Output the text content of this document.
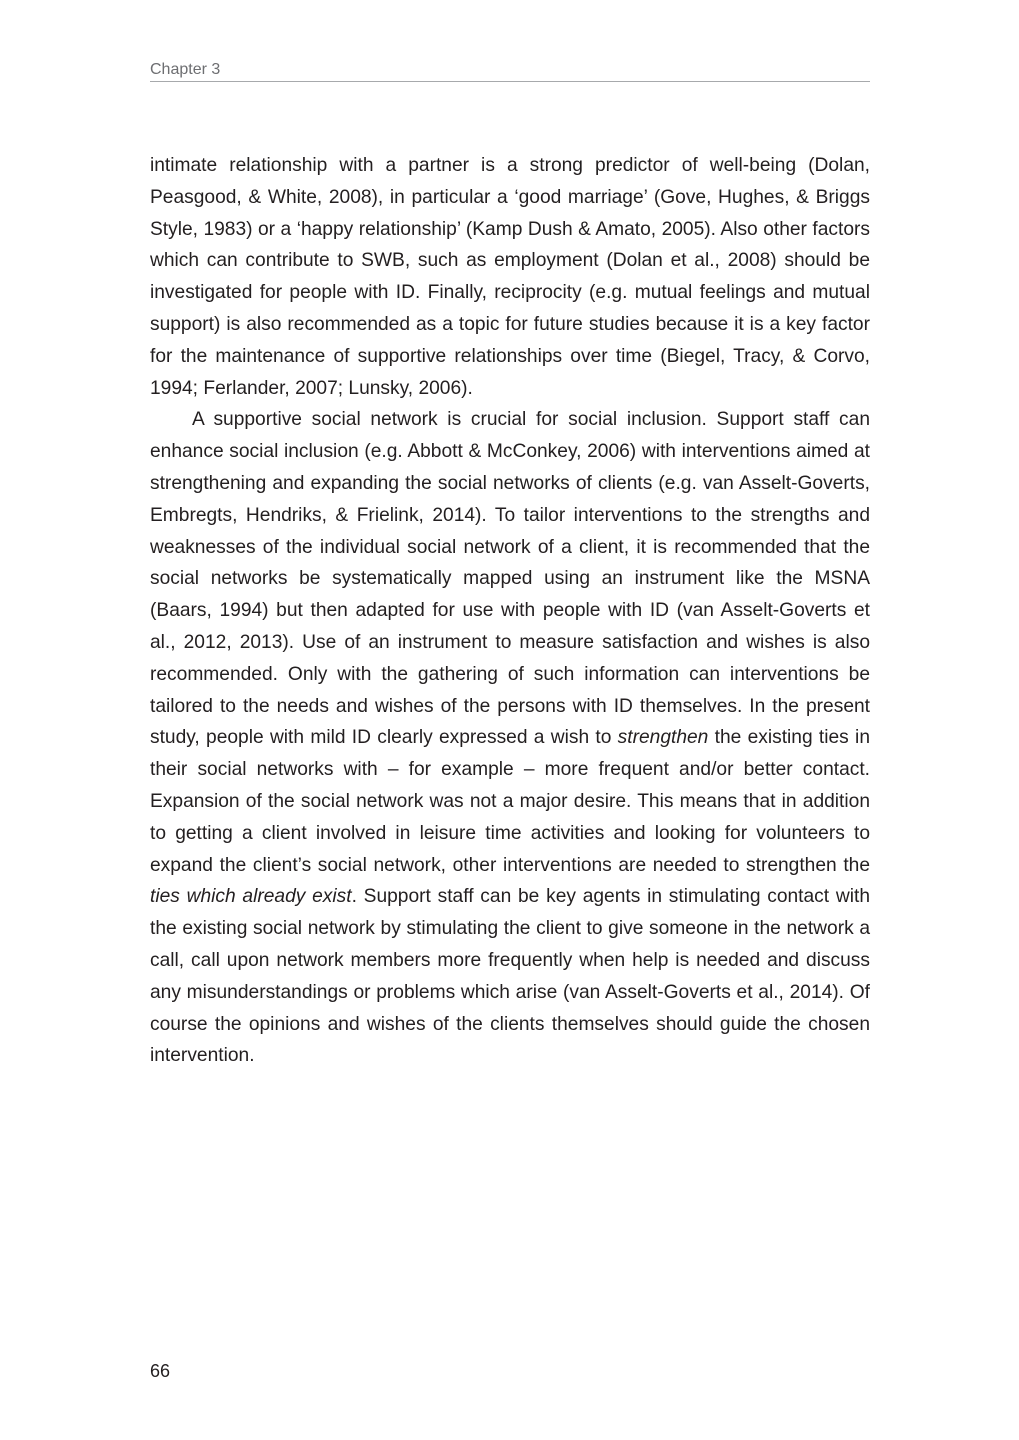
Chapter 3

intimate relationship with a partner is a strong predictor of well-being (Dolan, Peasgood, & White, 2008), in particular a ‘good marriage’ (Gove, Hughes, & Briggs Style, 1983) or a ‘happy relationship’ (Kamp Dush & Amato, 2005). Also other factors which can contribute to SWB, such as employment (Dolan et al., 2008) should be investigated for people with ID. Finally, reciprocity (e.g. mutual feelings and mutual support) is also recommended as a topic for future studies because it is a key factor for the maintenance of supportive relationships over time (Biegel, Tracy, & Corvo, 1994; Ferlander, 2007; Lunsky, 2006).

A supportive social network is crucial for social inclusion. Support staff can enhance social inclusion (e.g. Abbott & McConkey, 2006) with interventions aimed at strengthening and expanding the social networks of clients (e.g. van Asselt-Goverts, Embregts, Hendriks, & Frielink, 2014). To tailor interventions to the strengths and weaknesses of the individual social network of a client, it is recommended that the social networks be systematically mapped using an instrument like the MSNA (Baars, 1994) but then adapted for use with people with ID (van Asselt-Goverts et al., 2012, 2013). Use of an instrument to measure satisfaction and wishes is also recommended. Only with the gathering of such information can interventions be tailored to the needs and wishes of the persons with ID themselves. In the present study, people with mild ID clearly expressed a wish to strengthen the existing ties in their social networks with – for example – more frequent and/or better contact. Expansion of the social network was not a major desire. This means that in addition to getting a client involved in leisure time activities and looking for volunteers to expand the client’s social network, other interventions are needed to strengthen the ties which already exist. Support staff can be key agents in stimulating contact with the existing social network by stimulating the client to give someone in the network a call, call upon network members more frequently when help is needed and discuss any misunderstandings or problems which arise (van Asselt-Goverts et al., 2014). Of course the opinions and wishes of the clients themselves should guide the chosen intervention.

66
